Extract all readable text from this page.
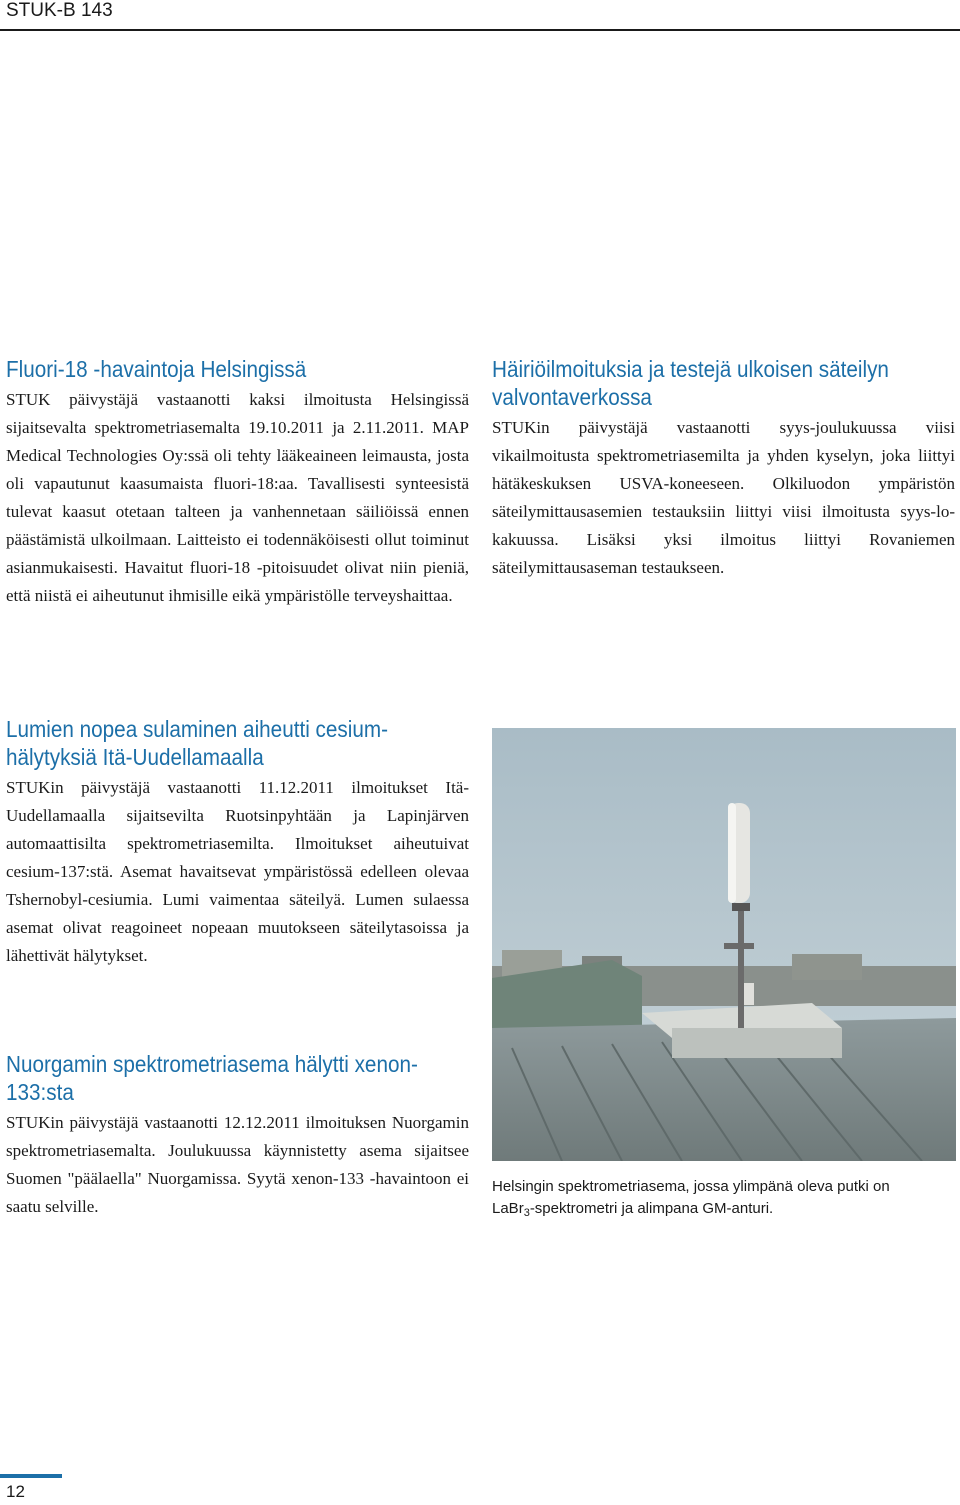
STUK-B 143
Fluori-18 -havaintoja Helsingissä

STUK päivystäjä vastaanotti kaksi ilmoitusta Helsingissä sijaitsevalta spektrometriasemalta 19.10.2011 ja 2.11.2011. MAP Medical Technologies Oy:ssä oli tehty lääkeaineen leimausta, josta oli vapautunut kaasumaista fluori-18:aa. Tavallisesti synteesistä tulevat kaasut otetaan talteen ja vanhennetaan säiliöissä ennen päästämistä ulkoilmaan. Laitteisto ei todennäköisesti ollut toiminut asianmukaisesti. Havaitut fluori-18 -pitoisuudet olivat niin pieniä, että niistä ei aiheutunut ihmisille eikä ympäristölle terveyshaittaa.

Lumien nopea sulaminen aiheutti cesium-hälytyksiä Itä-Uudellamaalla

STUKin päivystäjä vastaanotti 11.12.2011 ilmoitukset Itä-Uudellamaalla sijaitsevilta Ruotsinpyhtään ja Lapinjärven automaattisilta spektrometriasemilta. Ilmoitukset aiheutuivat cesium-137:stä. Asemat havaitsevat ympäristössä edelleen olevaa Tshernobyl-cesiumia. Lumi vaimentaa säteilyä. Lumen sulaessa asemat olivat reagoineet nopeaan muutokseen säteilytasoissa ja lähettivät hälytykset.

Nuorgamin spektrometriasema hälytti xenon-133:sta

STUKin päivystäjä vastaanotti 12.12.2011 ilmoituksen Nuorgamin spektrometriasemalta. Joulukuussa käynnistetty asema sijaitsee Suomen "päälaella" Nuorgamissa. Syytä xenon-133 -havaintoon ei saatu selville.

Häiriöilmoituksia ja testejä ulkoisen säteilyn valvontaverkossa

STUKin päivystäjä vastaanotti syys-joulukuussa viisi vikailmoitusta spektrometriasemilta ja yhden kyselyn, joka liittyi hätäkeskuksen USVA-koneeseen. Olkiluodon ympäristön säteilymittausasemien testauksiin liittyi viisi ilmoitusta syys-lokakuussa. Lisäksi yksi ilmoitus liittyi Rovaniemen säteilymittausaseman testaukseen.

Helsingin spektrometriasema, jossa ylimpänä oleva putki on LaBr$_3$-spektrometri ja alimpana GM-anturi.
12
